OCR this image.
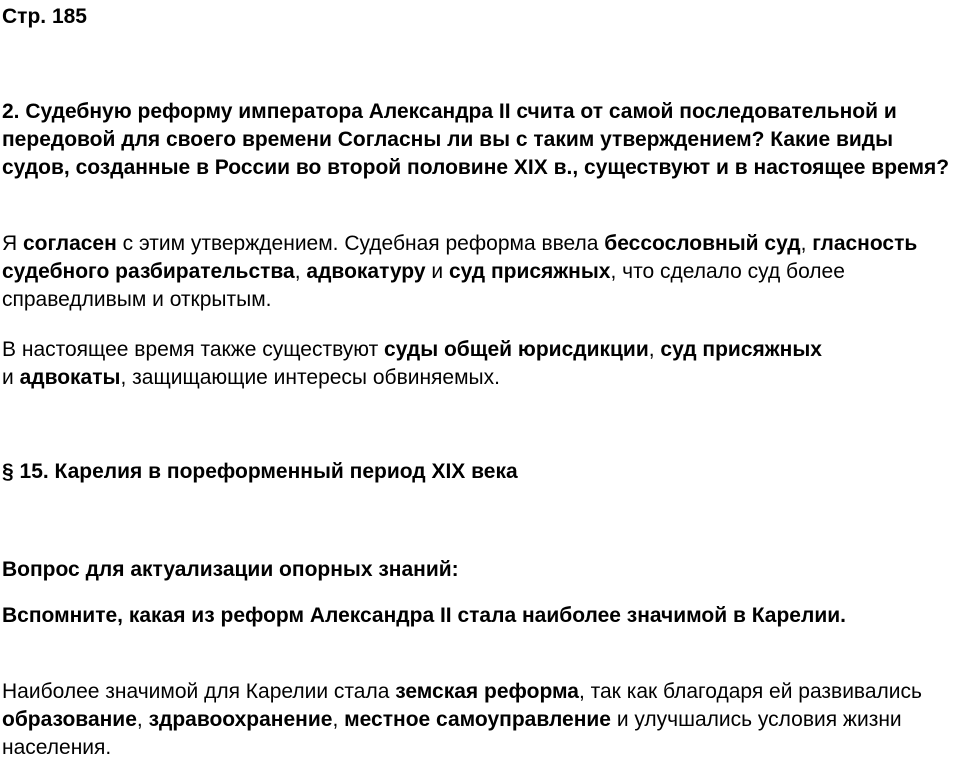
Стр. 185

2. Судебную реформу императора Александра II считa от самой последовательной и передовой для своего времени Согласны ли вы с таким утверждением? Какие виды судов, созданные в России во второй половине XIX в., существуют и в настоящее время?

Я согласен с этим утверждением. Судебная реформа ввела бессословный суд, гласность судебного разбирательства, адвокатуру и суд присяжных, что сделало суд более справедливым и открытым.

В настоящее время также существуют суды общей юрисдикции, суд присяжных
и адвокаты, защищающие интересы обвиняемых.

§ 15. Карелия в пореформенный период XIX века

Вопрос для актуализации опорных знаний:

Вспомните, какая из реформ Александра II стала наиболее значимой в Карелии.

Наиболее значимой для Карелии стала земская реформа, так как благодаря ей развивались образование, здравоохранение, местное самоуправление и улучшались условия жизни населения.
